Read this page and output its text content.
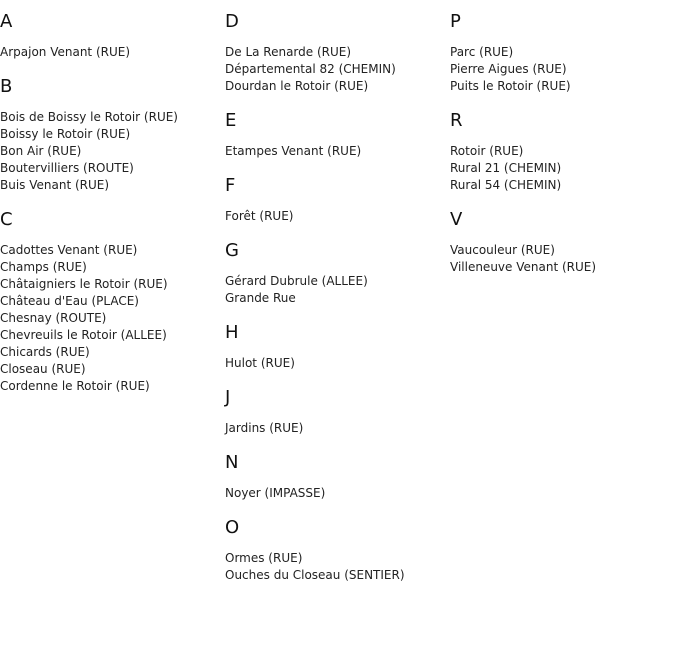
A
Arpajon Venant (RUE)
B
Bois de Boissy le Rotoir (RUE)
Boissy le Rotoir (RUE)
Bon Air (RUE)
Boutervilliers (ROUTE)
Buis Venant (RUE)
C
Cadottes Venant (RUE)
Champs (RUE)
Châtaigniers le Rotoir (RUE)
Château d'Eau (PLACE)
Chesnay (ROUTE)
Chevreuils le Rotoir (ALLEE)
Chicards (RUE)
Closeau (RUE)
Cordenne le Rotoir (RUE)
D
De La Renarde (RUE)
Départemental 82 (CHEMIN)
Dourdan le Rotoir (RUE)
E
Etampes Venant (RUE)
F
Forêt (RUE)
G
Gérard Dubrule (ALLEE)
Grande Rue
H
Hulot (RUE)
J
Jardins (RUE)
N
Noyer (IMPASSE)
O
Ormes (RUE)
Ouches du Closeau (SENTIER)
P
Parc (RUE)
Pierre Aigues (RUE)
Puits le Rotoir (RUE)
R
Rotoir (RUE)
Rural 21 (CHEMIN)
Rural 54 (CHEMIN)
V
Vaucouleur (RUE)
Villeneuve Venant (RUE)
